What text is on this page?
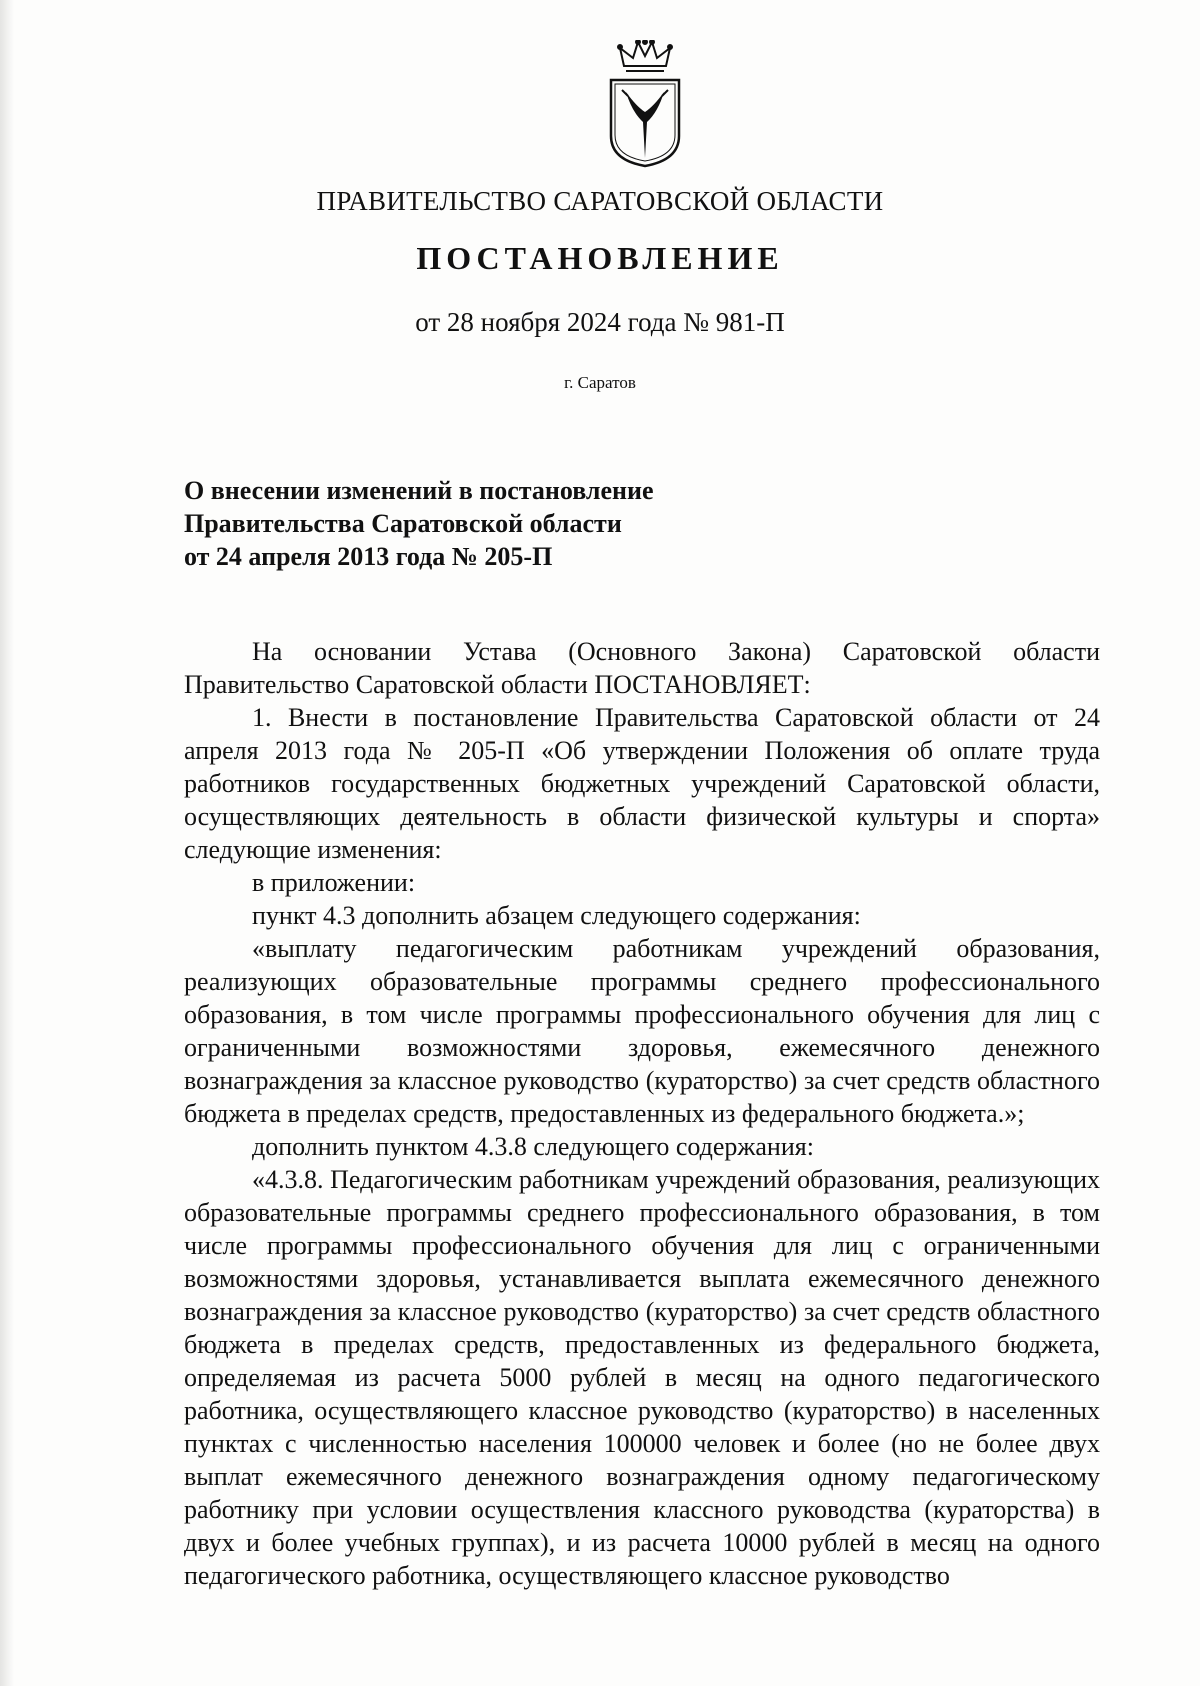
ПРАВИТЕЛЬСТВО САРАТОВСКОЙ ОБЛАСТИ
ПОСТАНОВЛЕНИЕ
от 28 ноября 2024 года № 981-П
г. Саратов
О внесении изменений в постановление
Правительства Саратовской области
от 24 апреля 2013 года № 205-П

На основании Устава (Основного Закона) Саратовской области Правительство Саратовской области ПОСТАНОВЛЯЕТ:

1. Внести в постановление Правительства Саратовской области от 24 апреля 2013 года № 205-П «Об утверждении Положения об оплате труда работников государственных бюджетных учреждений Саратовской области, осуществляющих деятельность в области физической культуры и спорта» следующие изменения:

в приложении:

пункт 4.3 дополнить абзацем следующего содержания:

«выплату педагогическим работникам учреждений образования, реализующих образовательные программы среднего профессионального образования, в том числе программы профессионального обучения для лиц с ограниченными возможностями здоровья, ежемесячного денежного вознаграждения за классное руководство (кураторство) за счет средств областного бюджета в пределах средств, предоставленных из федерального бюджета.»;

дополнить пунктом 4.3.8 следующего содержания:

«4.3.8. Педагогическим работникам учреждений образования, реализующих образовательные программы среднего профессионального образования, в том числе программы профессионального обучения для лиц с ограниченными возможностями здоровья, устанавливается выплата ежемесячного денежного вознаграждения за классное руководство (кураторство) за счет средств областного бюджета в пределах средств, предоставленных из федерального бюджета, определяемая из расчета 5000 рублей в месяц на одного педагогического работника, осуществляющего классное руководство (кураторство) в населенных пунктах с численностью населения 100000 человек и более (но не более двух выплат ежемесячного денежного вознаграждения одному педагогическому работнику при условии осуществления классного руководства (кураторства) в двух и более учебных группах), и из расчета 10000 рублей в месяц на одного педагогического работника, осуществляющего классное руководство
